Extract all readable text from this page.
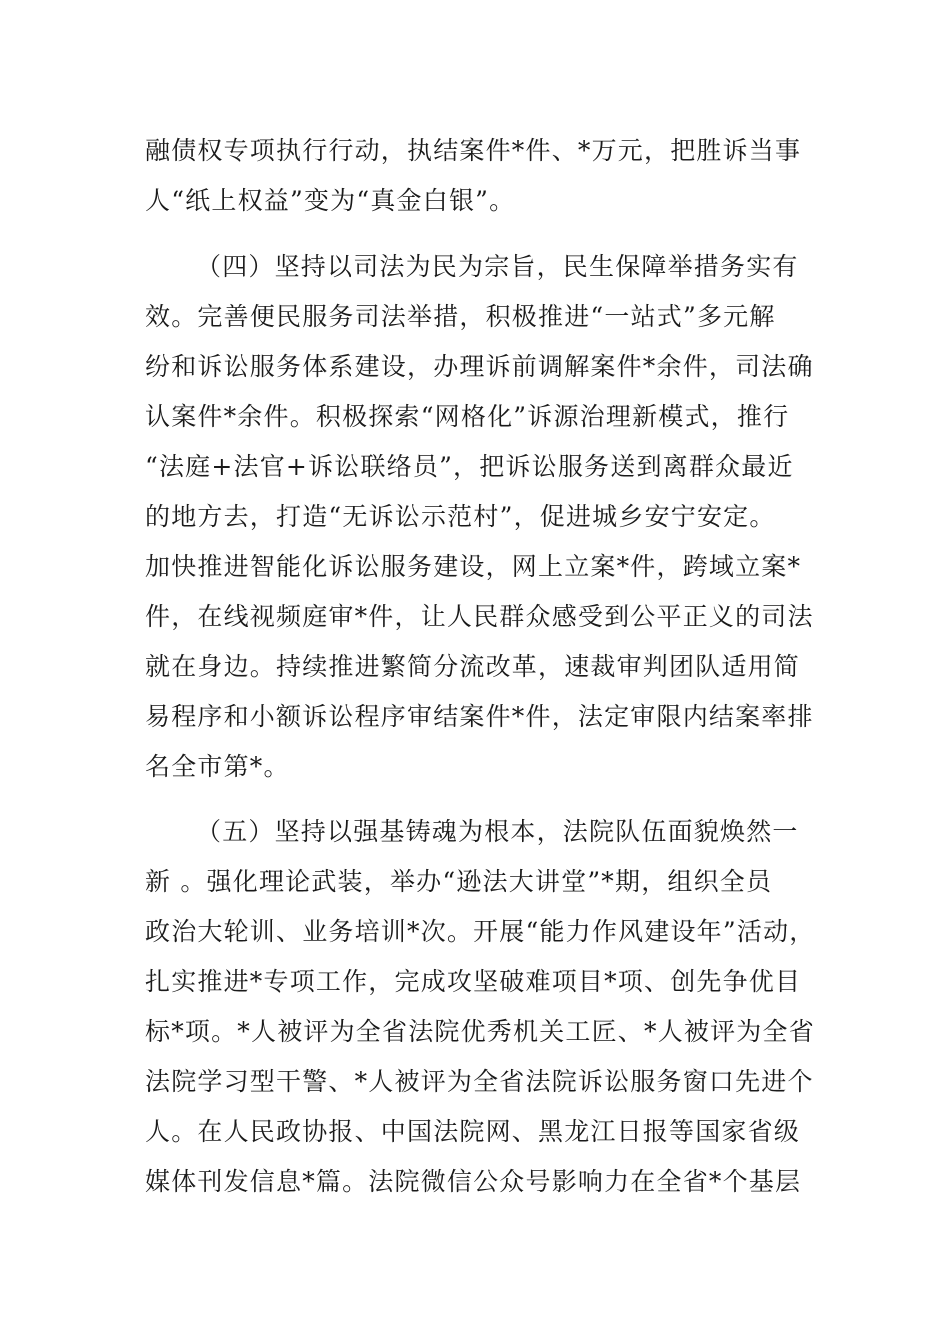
融债权专项执行行动，执结案件*件、*万元，把胜诉当事
人“纸上权益”变为“真金白银”。
（四）坚持以司法为民为宗旨，民生保障举措务实有
效。完善便民服务司法举措，积极推进“一站式”多元解
纷和诉讼服务体系建设，办理诉前调解案件*余件，司法确
认案件*余件。积极探索“网格化”诉源治理新模式，推行
“法庭+法官+诉讼联络员”，把诉讼服务送到离群众最近
的地方去，打造“无诉讼示范村”，促进城乡安宁安定。
加快推进智能化诉讼服务建设，网上立案*件，跨域立案*
件，在线视频庭审*件，让人民群众感受到公平正义的司法
就在身边。持续推进繁简分流改革，速裁审判团队适用简
易程序和小额诉讼程序审结案件*件，法定审限内结案率排
名全市第*。
（五）坚持以强基铸魂为根本，法院队伍面貌焕然一
新 。强化理论武装，举办“逊法大讲堂”*期，组织全员
政治大轮训、业务培训*次。开展“能力作风建设年”活动，
扎实推进*专项工作，完成攻坚破难项目*项、创先争优目
标*项。*人被评为全省法院优秀机关工匠、*人被评为全省
法院学习型干警、*人被评为全省法院诉讼服务窗口先进个
人。在人民政协报、中国法院网、黑龙江日报等国家省级
媒体刊发信息*篇。法院微信公众号影响力在全省*个基层
